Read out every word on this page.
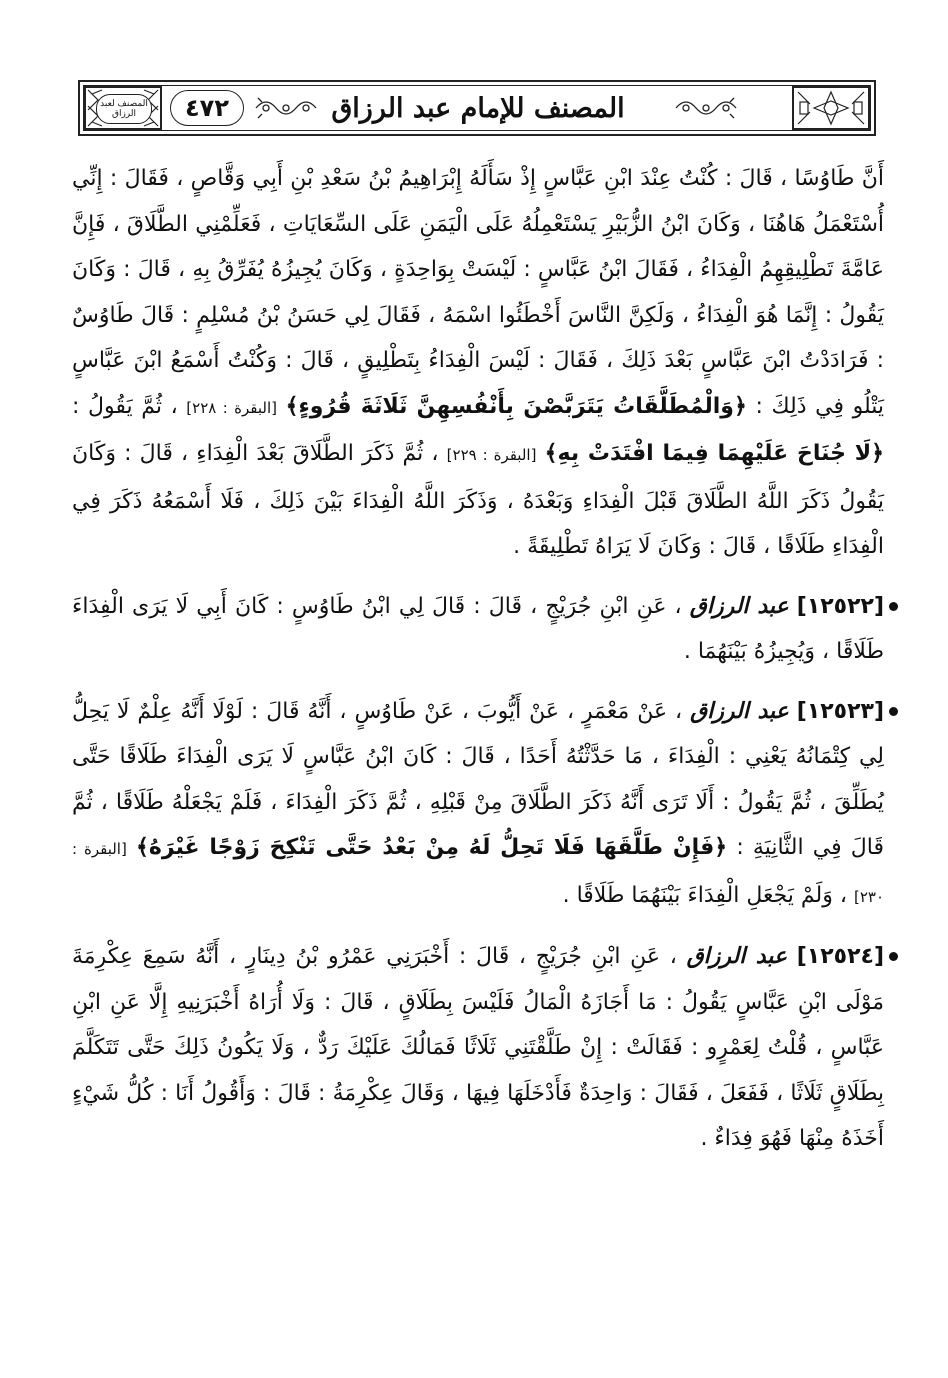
المصنف لعبد الرزاق	٤٧٢	المصنف للإمام عبد الرزاق

أَنَّ طَاوُسًا ، قَالَ : كُنْتُ عِنْدَ ابْنِ عَبَّاسٍ إِذْ سَأَلَهُ إِبْرَاهِيمُ بْنُ سَعْدِ بْنِ أَبِي وَقَّاصٍ ، فَقَالَ : إِنِّي أُسْتَعْمَلُ هَاهُنَا ، وَكَانَ ابْنُ الزُّبَيْرِ يَسْتَعْمِلُهُ عَلَى الْيَمَنِ عَلَى السِّعَايَاتِ ، فَعَلِّمْنِي الطَّلَاقَ ، فَإِنَّ عَامَّةَ تَطْلِيقِهِمُ الْفِدَاءُ ، فَقَالَ ابْنُ عَبَّاسٍ : لَيْسَتْ بِوَاحِدَةٍ ، وَكَانَ يُجِيزُهُ يُفَرِّقُ بِهِ ، قَالَ : وَكَانَ يَقُولُ : إِنَّمَا هُوَ الْفِدَاءُ ، وَلَكِنَّ النَّاسَ أَخْطَئُوا اسْمَهُ ، فَقَالَ لِي حَسَنُ بْنُ مُسْلِمٍ : قَالَ طَاوُسٌ : فَرَادَدْتُ ابْنَ عَبَّاسٍ بَعْدَ ذَلِكَ ، فَقَالَ : لَيْسَ الْفِدَاءُ بِتَطْلِيقٍ ، قَالَ : وَكُنْتُ أَسْمَعُ ابْنَ عَبَّاسٍ يَتْلُو فِي ذَلِكَ : ﴿وَالْمُطَلَّقَاتُ يَتَرَبَّصْنَ بِأَنْفُسِهِنَّ ثَلَاثَةَ قُرُوءٍ﴾ [البقرة : ٢٢٨] ، ثُمَّ يَقُولُ : ﴿لَا جُنَاحَ عَلَيْهِمَا فِيمَا افْتَدَتْ بِهِ﴾ [البقرة : ٢٢٩] ، ثُمَّ ذَكَرَ الطَّلَاقَ بَعْدَ الْفِدَاءِ ، قَالَ : وَكَانَ يَقُولُ ذَكَرَ اللَّهُ الطَّلَاقَ قَبْلَ الْفِدَاءِ وَبَعْدَهُ ، وَذَكَرَ اللَّهُ الْفِدَاءَ بَيْنَ ذَلِكَ ، فَلَا أَسْمَعُهُ ذَكَرَ فِي الْفِدَاءِ طَلَاقًا ، قَالَ : وَكَانَ لَا يَرَاهُ تَطْلِيقَةً .

[١٢٥٢٢] عبد الرزاق ، عَنِ ابْنِ جُرَيْجٍ ، قَالَ : قَالَ لِي ابْنُ طَاوُسٍ : كَانَ أَبِي لَا يَرَى الْفِدَاءَ طَلَاقًا ، وَيُجِيزُهُ بَيْنَهُمَا .

[١٢٥٢٣] عبد الرزاق ، عَنْ مَعْمَرٍ ، عَنْ أَيُّوبَ ، عَنْ طَاوُسٍ ، أَنَّهُ قَالَ : لَوْلَا أَنَّهُ عِلْمٌ لَا يَحِلُّ لِي كِتْمَانُهُ يَعْنِي : الْفِدَاءَ ، مَا حَدَّثْتُهُ أَحَدًا ، قَالَ : كَانَ ابْنُ عَبَّاسٍ لَا يَرَى الْفِدَاءَ طَلَاقًا حَتَّى يُطَلِّقَ ، ثُمَّ يَقُولُ : أَلَا تَرَى أَنَّهُ ذَكَرَ الطَّلَاقَ مِنْ قَبْلِهِ ، ثُمَّ ذَكَرَ الْفِدَاءَ ، فَلَمْ يَجْعَلْهُ طَلَاقًا ، ثُمَّ قَالَ فِي الثَّانِيَةِ : ﴿فَإِنْ طَلَّقَهَا فَلَا تَحِلُّ لَهُ مِنْ بَعْدُ حَتَّى تَنْكِحَ زَوْجًا غَيْرَهُ﴾ [البقرة : ٢٣٠] ، وَلَمْ يَجْعَلِ الْفِدَاءَ بَيْنَهُمَا طَلَاقًا .

[١٢٥٢٤] عبد الرزاق ، عَنِ ابْنِ جُرَيْجٍ ، قَالَ : أَخْبَرَنِي عَمْرُو بْنُ دِينَارٍ ، أَنَّهُ سَمِعَ عِكْرِمَةَ مَوْلَى ابْنِ عَبَّاسٍ يَقُولُ : مَا أَجَازَهُ الْمَالُ فَلَيْسَ بِطَلَاقٍ ، قَالَ : وَلَا أُرَاهُ أَخْبَرَنِيهِ إِلَّا عَنِ ابْنِ عَبَّاسٍ ، قُلْتُ لِعَمْرٍو : فَقَالَتْ : إِنْ طَلَّقْتَنِي ثَلَاثًا فَمَالُكَ عَلَيْكَ رَدٌّ ، وَلَا يَكُونُ ذَلِكَ حَتَّى تَتَكَلَّمَ بِطَلَاقٍ ثَلَاثًا ، فَفَعَلَ ، فَقَالَ : وَاحِدَةٌ فَأَدْخَلَهَا فِيهَا ، وَقَالَ عِكْرِمَةُ : قَالَ : وَأَقُولُ أَنَا : كُلُّ شَيْءٍ أَخَذَهُ مِنْهَا فَهُوَ فِدَاءٌ .
